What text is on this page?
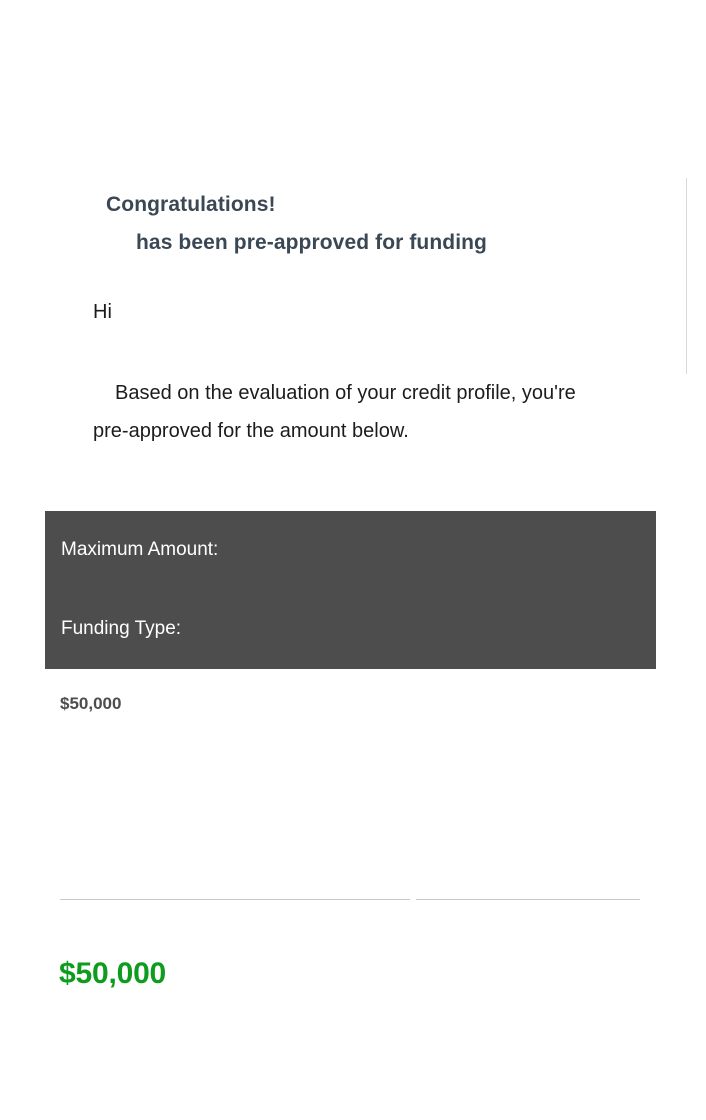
Congratulations!
has been pre-approved for funding
Hi
Based on the evaluation of your credit profile, you're pre-approved for the amount below.
Maximum Amount:
Funding Type:
$50,000
$50,000
